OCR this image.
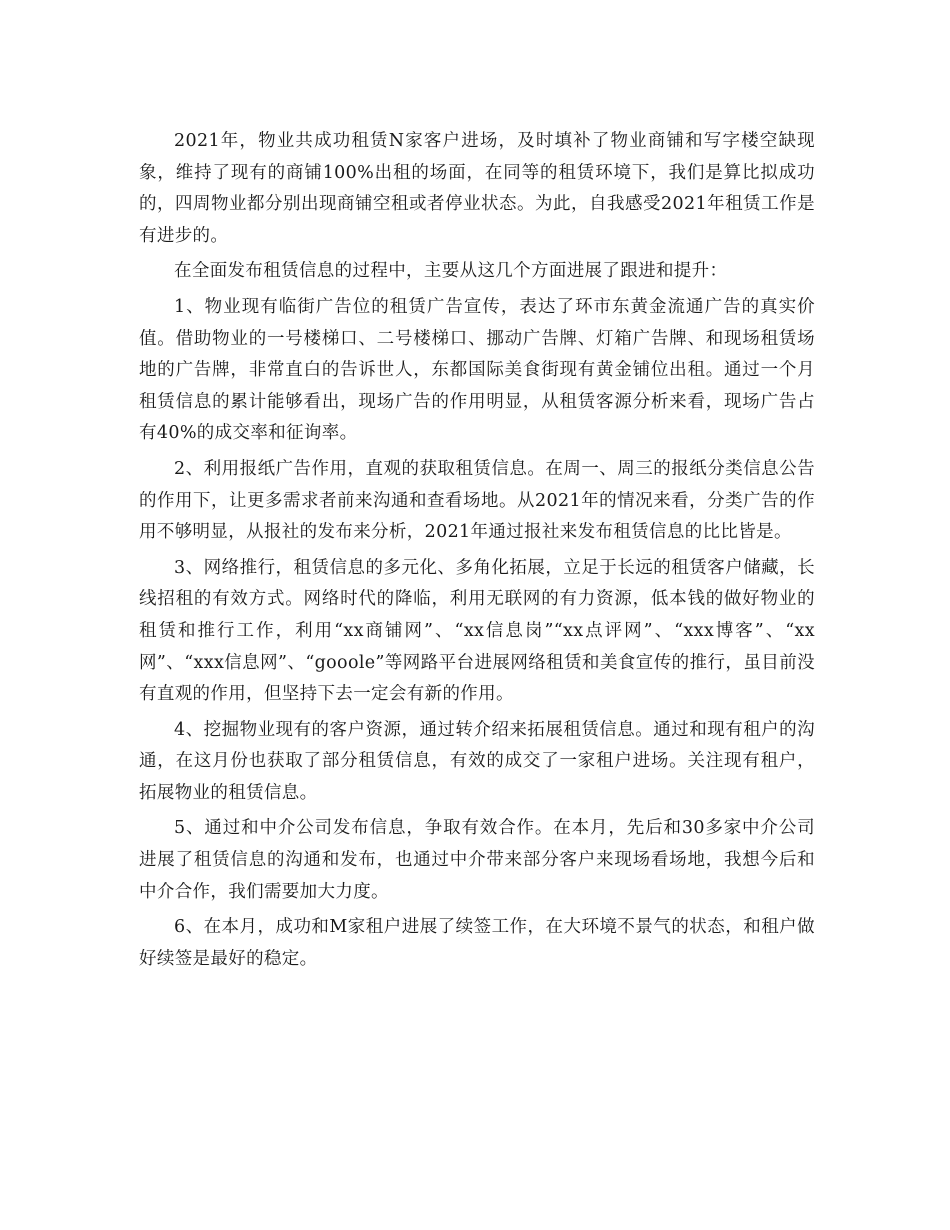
2021年，物业共成功租赁N家客户进场，及时填补了物业商铺和写字楼空缺现象，维持了现有的商铺100%出租的场面，在同等的租赁环境下，我们是算比拟成功的，四周物业都分别出现商铺空租或者停业状态。为此，自我感受2021年租赁工作是有进步的。

在全面发布租赁信息的过程中，主要从这几个方面进展了跟进和提升：

1、物业现有临街广告位的租赁广告宣传，表达了环市东黄金流通广告的真实价值。借助物业的一号楼梯口、二号楼梯口、挪动广告牌、灯箱广告牌、和现场租赁场地的广告牌，非常直白的告诉世人，东都国际美食街现有黄金铺位出租。通过一个月租赁信息的累计能够看出，现场广告的作用明显，从租赁客源分析来看，现场广告占有40%的成交率和征询率。

2、利用报纸广告作用，直观的获取租赁信息。在周一、周三的报纸分类信息公告的作用下，让更多需求者前来沟通和查看场地。从2021年的情况来看，分类广告的作用不够明显，从报社的发布来分析，2021年通过报社来发布租赁信息的比比皆是。

3、网络推行，租赁信息的多元化、多角化拓展，立足于长远的租赁客户储藏，长线招租的有效方式。网络时代的降临，利用无联网的有力资源，低本钱的做好物业的租赁和推行工作，利用“xx商铺网”、“xx信息岗”“xx点评网”、“xxx博客”、“xx网”、“xxx信息网”、“gooole”等网路平台进展网络租赁和美食宣传的推行，虽目前没有直观的作用，但坚持下去一定会有新的作用。

4、挖掘物业现有的客户资源，通过转介绍来拓展租赁信息。通过和现有租户的沟通，在这月份也获取了部分租赁信息，有效的成交了一家租户进场。关注现有租户，拓展物业的租赁信息。

5、通过和中介公司发布信息，争取有效合作。在本月，先后和30多家中介公司进展了租赁信息的沟通和发布，也通过中介带来部分客户来现场看场地，我想今后和中介合作，我们需要加大力度。

6、在本月，成功和M家租户进展了续签工作，在大环境不景气的状态，和租户做好续签是最好的稳定。
